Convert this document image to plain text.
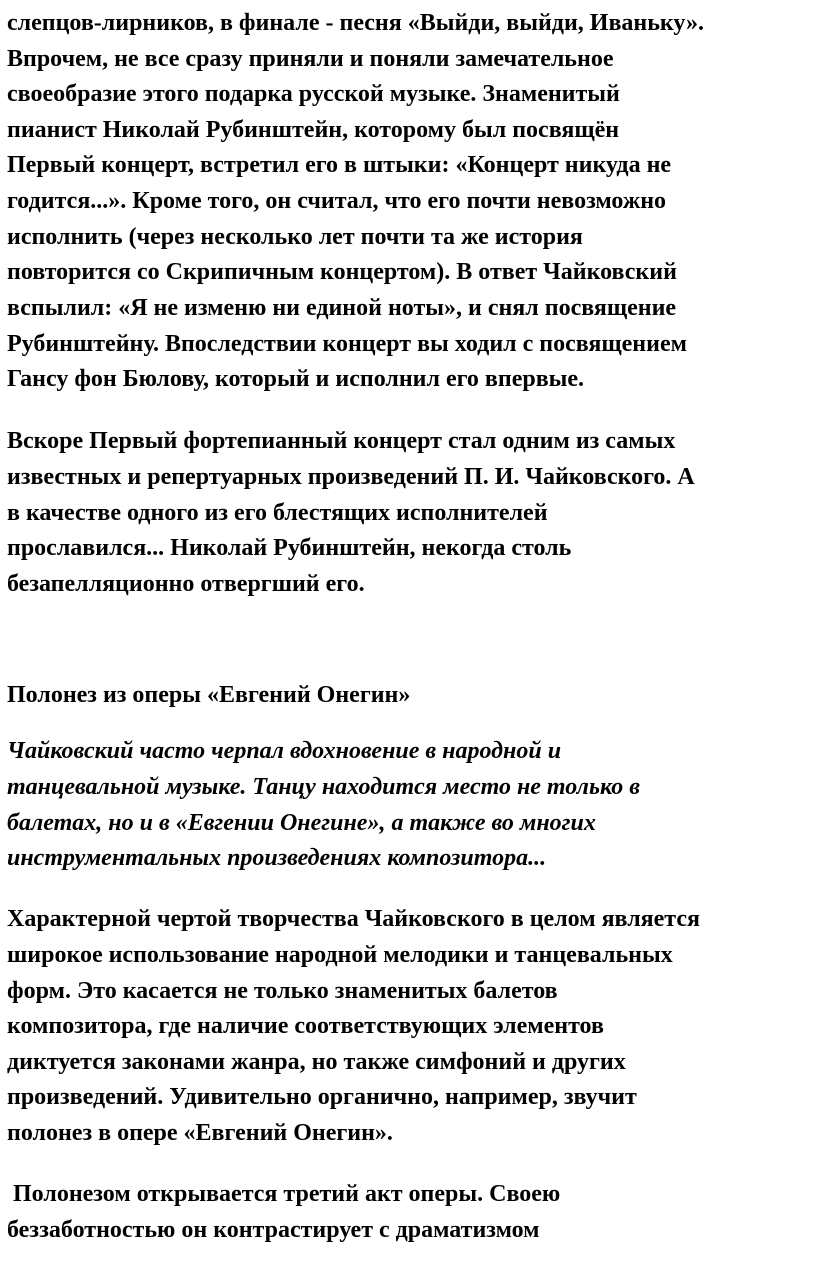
слепцов-лирников, в финале - песня «Выйди, выйди, Иваньку».
Впрочем, не все сразу приняли и поняли замечательное
своеобразие этого подарка русской музыке. Знаменитый
пианист Николай Рубинштейн, которому был посвящён
Первый концерт, встретил его в штыки: «Концерт никуда не
годится...». Кроме того, он считал, что его почти невозможно
исполнить (через несколько лет почти та же история
повторится со Скрипичным концертом). В ответ Чайковский
вспылил: «Я не изменю ни единой ноты», и снял посвящение
Рубинштейну. Впоследствии концерт вы ходил с посвящением
Гансу фон Бюлову, который и исполнил его впервые.
Вскоре Первый фортепианный концерт стал одним из самых
известных и репертуарных произведений П. И. Чайковского. А
в качестве одного из его блестящих исполнителей
прославился... Николай Рубинштейн, некогда столь
безапелляционно отвергший его.
Полонез из оперы «Евгений Онегин»
Чайковский часто черпал вдохновение в народной и
танцевальной музыке. Танцу находится место не только в
балетах, но и в «Евгении Онегине», а также во многих
инструментальных произведениях композитора...
Характерной чертой творчества Чайковского в целом является
широкое использование народной мелодики и танцевальных
форм. Это касается не только знаменитых балетов
композитора, где наличие соответствующих элементов
диктуется законами жанра, но также симфоний и других
произведений. Удивительно органично, например, звучит
полонез в опере «Евгений Онегин».
Полонезом открывается третий акт оперы. Своею
беззаботностью он контрастирует с драматизмом
